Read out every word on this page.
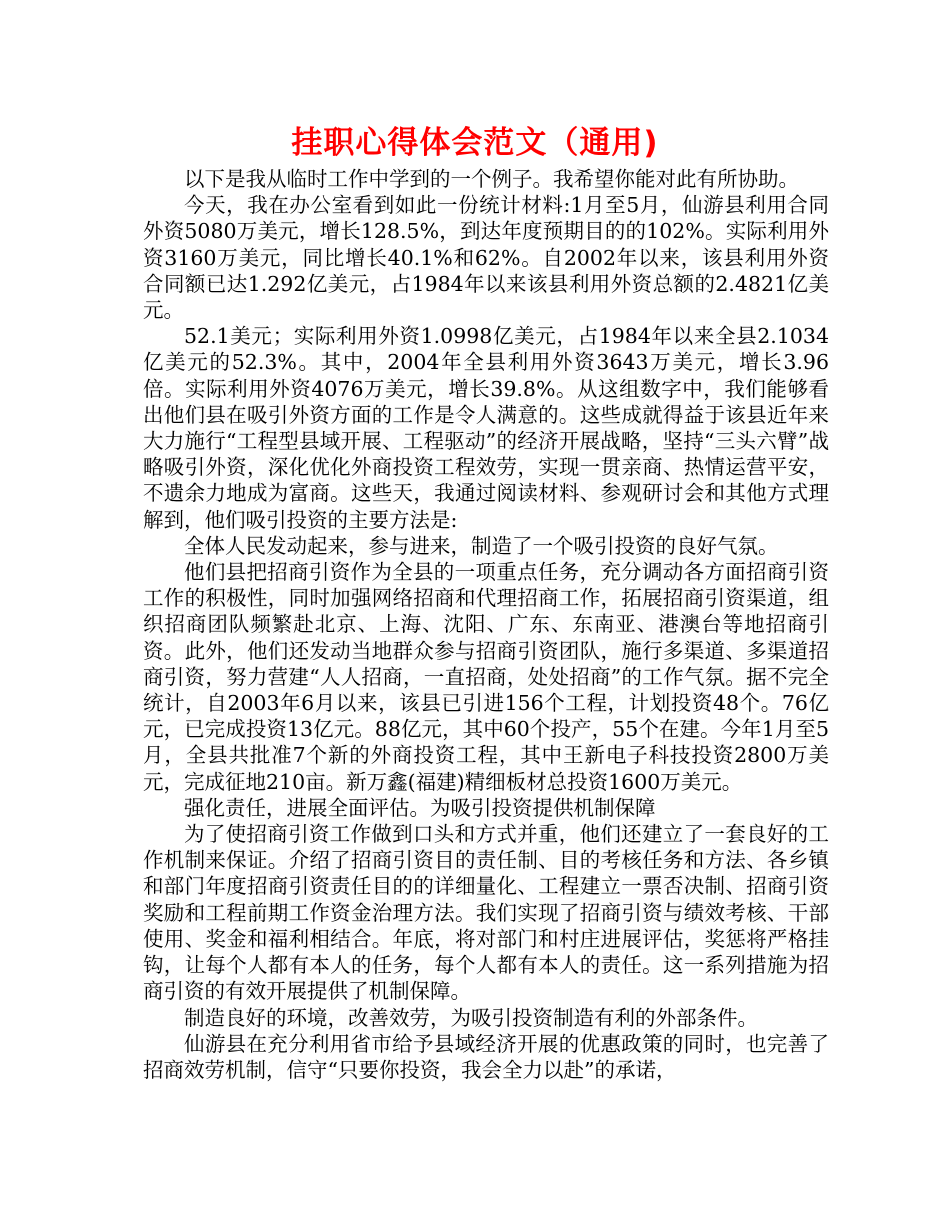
挂职心得体会范文（通用)

以下是我从临时工作中学到的一个例子。我希望你能对此有所协助。

今天，我在办公室看到如此一份统计材料:1月至5月，仙游县利用合同外资5080万美元，增长128.5%，到达年度预期目的的102%。实际利用外资3160万美元，同比增长40.1%和62%。自2002年以来，该县利用外资合同额已达1.292亿美元，占1984年以来该县利用外资总额的2.4821亿美元。

52.1美元；实际利用外资1.0998亿美元，占1984年以来全县2.1034亿美元的52.3%。其中，2004年全县利用外资3643万美元，增长3.96倍。实际利用外资4076万美元，增长39.8%。从这组数字中，我们能够看出他们县在吸引外资方面的工作是令人满意的。这些成就得益于该县近年来大力施行“工程型县域开展、工程驱动”的经济开展战略，坚持“三头六臂”战略吸引外资，深化优化外商投资工程效劳，实现一贯亲商、热情运营平安，不遗余力地成为富商。这些天，我通过阅读材料、参观研讨会和其他方式理解到，他们吸引投资的主要方法是:

全体人民发动起来，参与进来，制造了一个吸引投资的良好气氛。

他们县把招商引资作为全县的一项重点任务，充分调动各方面招商引资工作的积极性，同时加强网络招商和代理招商工作，拓展招商引资渠道，组织招商团队频繁赴北京、上海、沈阳、广东、东南亚、港澳台等地招商引资。此外，他们还发动当地群众参与招商引资团队，施行多渠道、多渠道招商引资，努力营建“人人招商，一直招商，处处招商”的工作气氛。据不完全统计，自2003年6月以来，该县已引进156个工程，计划投资48个。76亿元，已完成投资13亿元。88亿元，其中60个投产，55个在建。今年1月至5月，全县共批准7个新的外商投资工程，其中王新电子科技投资2800万美元，完成征地210亩。新万鑫(福建)精细板材总投资1600万美元。

强化责任，进展全面评估。为吸引投资提供机制保障

为了使招商引资工作做到口头和方式并重，他们还建立了一套良好的工作机制来保证。介绍了招商引资目的责任制、目的考核任务和方法、各乡镇和部门年度招商引资责任目的的详细量化、工程建立一票否决制、招商引资奖励和工程前期工作资金治理方法。我们实现了招商引资与绩效考核、干部使用、奖金和福利相结合。年底，将对部门和村庄进展评估，奖惩将严格挂钩，让每个人都有本人的任务，每个人都有本人的责任。这一系列措施为招商引资的有效开展提供了机制保障。

制造良好的环境，改善效劳，为吸引投资制造有利的外部条件。

仙游县在充分利用省市给予县域经济开展的优惠政策的同时，也完善了招商效劳机制，信守“只要你投资，我会全力以赴”的承诺，
